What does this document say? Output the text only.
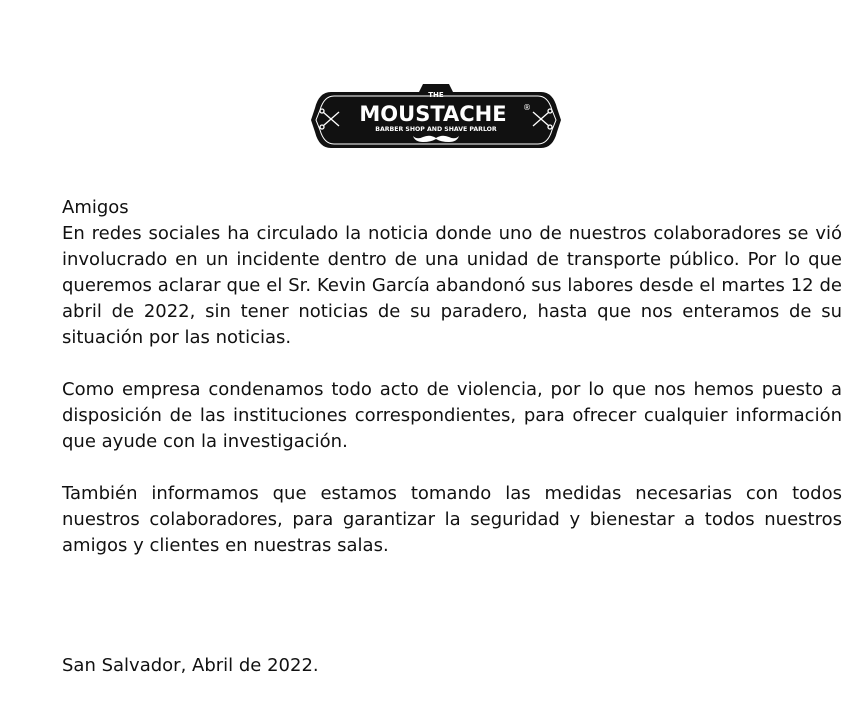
THE
MOUSTACHE ®
BARBER SHOP AND SHAVE PARLOR

Amigos

En redes sociales ha circulado la noticia donde uno de nuestros colaboradores se vió involucrado en un incidente dentro de una unidad de transporte público. Por lo que queremos aclarar que el Sr. Kevin García abandonó sus labores desde el martes 12 de abril de 2022, sin tener noticias de su paradero, hasta que nos enteramos de su situación por las noticias.

Como empresa condenamos todo acto de violencia, por lo que nos hemos puesto a disposición de las instituciones correspondientes, para ofrecer cualquier información que ayude con la investigación.

También informamos que estamos tomando las medidas necesarias con todos nuestros colaboradores, para garantizar la seguridad y bienestar a todos nuestros amigos y clientes en nuestras salas.

San Salvador, Abril de 2022.
